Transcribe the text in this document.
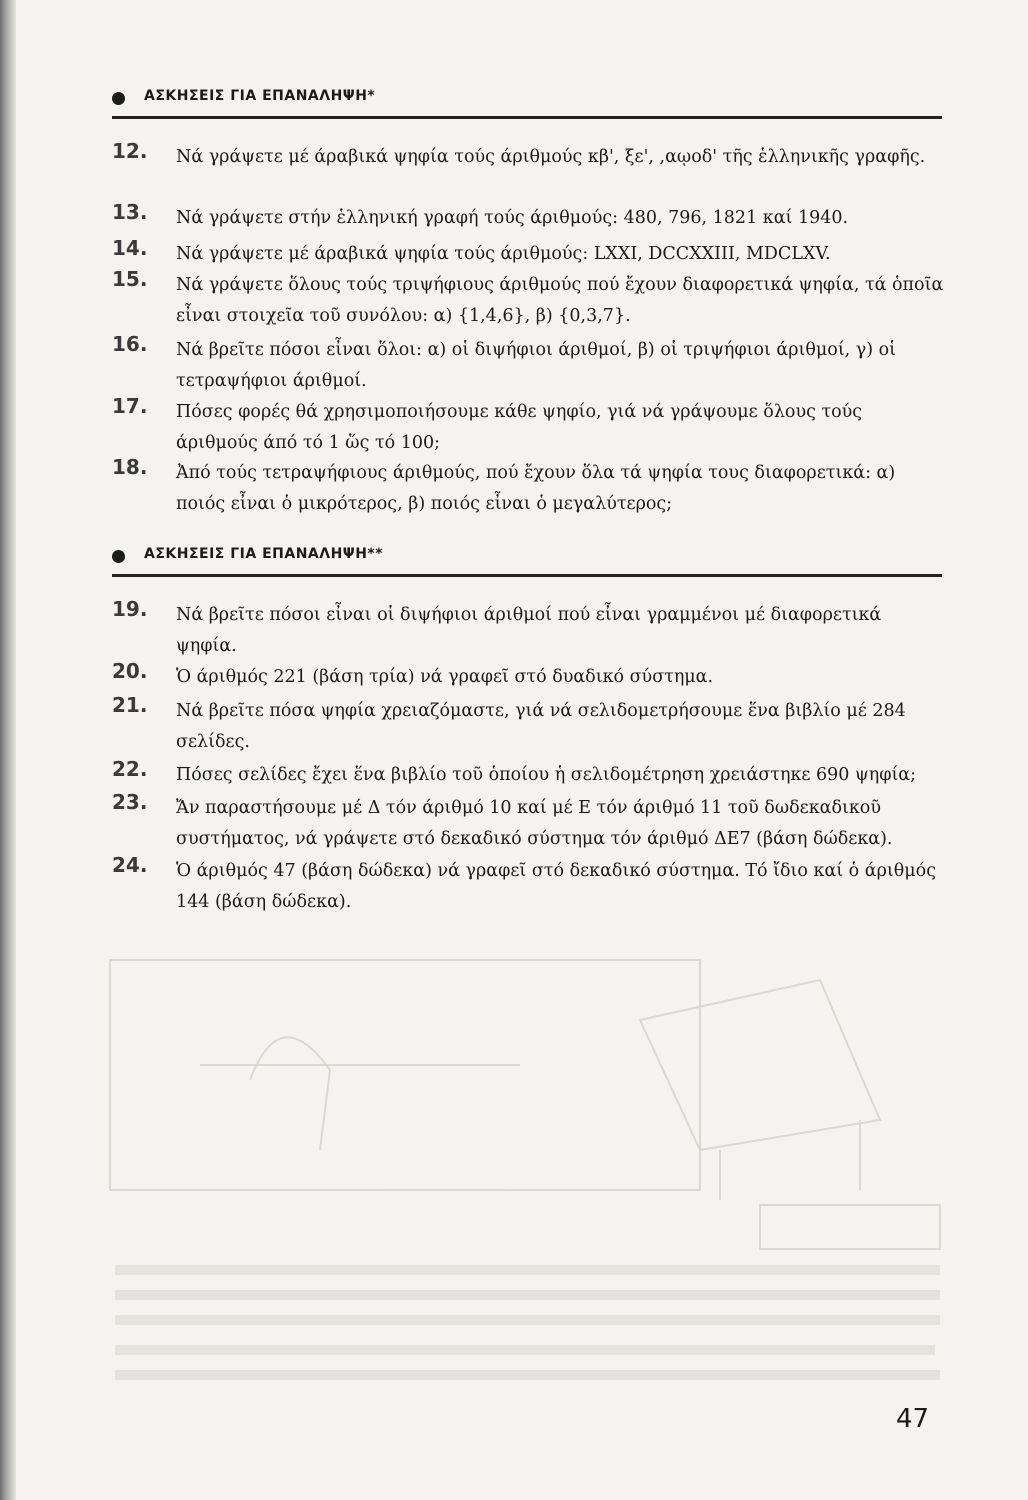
$^{A\Sigma KH\Sigma EI\Sigma \Gamma IA E\Pi ANA\Lambda H\Psi H*}$
12. Νά γράψετε μέ άραβικά ψηφία τούς άριθμούς κβ', ξε', ,αῳοδ' τῆς ἑλληνικῆς γραφῆς.
13. Νά γράψετε στήν ἑλληνική γραφή τούς άριθμούς: 480, 796, 1821 καί 1940.
14. Νά γράψετε μέ άραβικά ψηφία τούς άριθμούς: LXXI, DCCXXIII, MDCLXV.
15. Νά γράψετε ὅλους τούς τριψήφιους άριθμούς πού ἔχουν διαφορετικά ψηφία, τά ὁποῖα εἶναι στοιχεῖα τοῦ συνόλου: α) {1,4,6}, β) {0,3,7}.
16. Νά βρεῖτε πόσοι εἶναι ὅλοι: α) οἱ διψήφιοι άριθμοί, β) οἱ τριψήφιοι άριθμοί, γ) οἱ τετραψήφιοι άριθμοί.
17. Πόσες φορές θά χρησιμοποιήσουμε κάθε ψηφίο, γιά νά γράψουμε ὅλους τούς άριθμούς άπό τό 1 ὥς τό 100;
18. Ἀπό τούς τετραψήφιους άριθμούς, πού ἔχουν ὅλα τά ψηφία τους διαφορετικά: α) ποιός εἶναι ὁ μικρότερος, β) ποιός εἶναι ὁ μεγαλύτερος;
$^{A\Sigma KH\Sigma EI\Sigma \Gamma IA E\Pi ANA\Lambda H\Psi H**}$
19. Νά βρεῖτε πόσοι εἶναι οἱ διψήφιοι άριθμοί πού εἶναι γραμμένοι μέ διαφορετικά ψηφία.
20. Ὁ άριθμός 221 (βάση τρία) νά γραφεῖ στό δυαδικό σύστημα.
21. Νά βρεῖτε πόσα ψηφία χρειαζόμαστε, γιά νά σελιδομετρήσουμε ἕνα βιβλίο μέ 284 σελίδες.
22. Πόσες σελίδες ἔχει ἕνα βιβλίο τοῦ ὁποίου ἡ σελιδομέτρηση χρειάστηκε 690 ψηφία;
23. Ἄν παραστήσουμε μέ Δ τόν άριθμό 10 καί μέ Ε τόν άριθμό 11 τοῦ δωδεκαδικοῦ συστήματος, νά γράψετε στό δεκαδικό σύστημα τόν άριθμό ΔΕ7 (βάση δώδεκα).
24. Ὁ άριθμός 47 (βάση δώδεκα) νά γραφεῖ στό δεκαδικό σύστημα. Τό ἴδιο καί ὁ άριθμός 144 (βάση δώδεκα).
47
